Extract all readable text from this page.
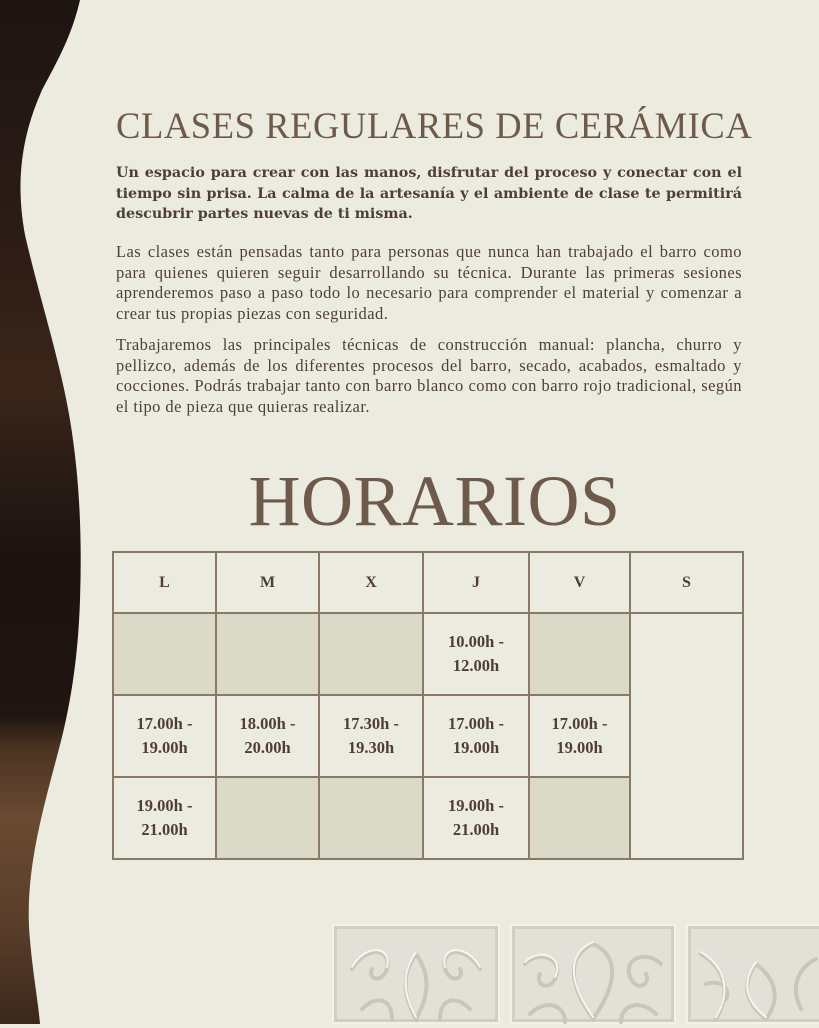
CLASES REGULARES DE CERÁMICA
Un espacio para crear con las manos, disfrutar del proceso y conectar con el tiempo sin prisa. La calma de la artesanía y el ambiente de clase te permitirá descubrir partes nuevas de ti misma.
Las clases están pensadas tanto para personas que nunca han trabajado el barro como para quienes quieren seguir desarrollando su técnica. Durante las primeras sesiones aprenderemos paso a paso todo lo necesario para comprender el material y comenzar a crear tus propias piezas con seguridad.
Trabajaremos las principales técnicas de construcción manual: plancha, churro y pellizco, además de los diferentes procesos del barro, secado, acabados, esmaltado y cocciones. Podrás trabajar tanto con barro blanco como con barro rojo tradicional, según el tipo de pieza que quieras realizar.
HORARIOS
L	M	X	J	V	S
			10.00h - 12.00h		
17.00h - 19.00h	18.00h - 20.00h	17.30h - 19.30h	17.00h - 19.00h	17.00h - 19.00h	
19.00h - 21.00h			19.00h - 21.00h		
